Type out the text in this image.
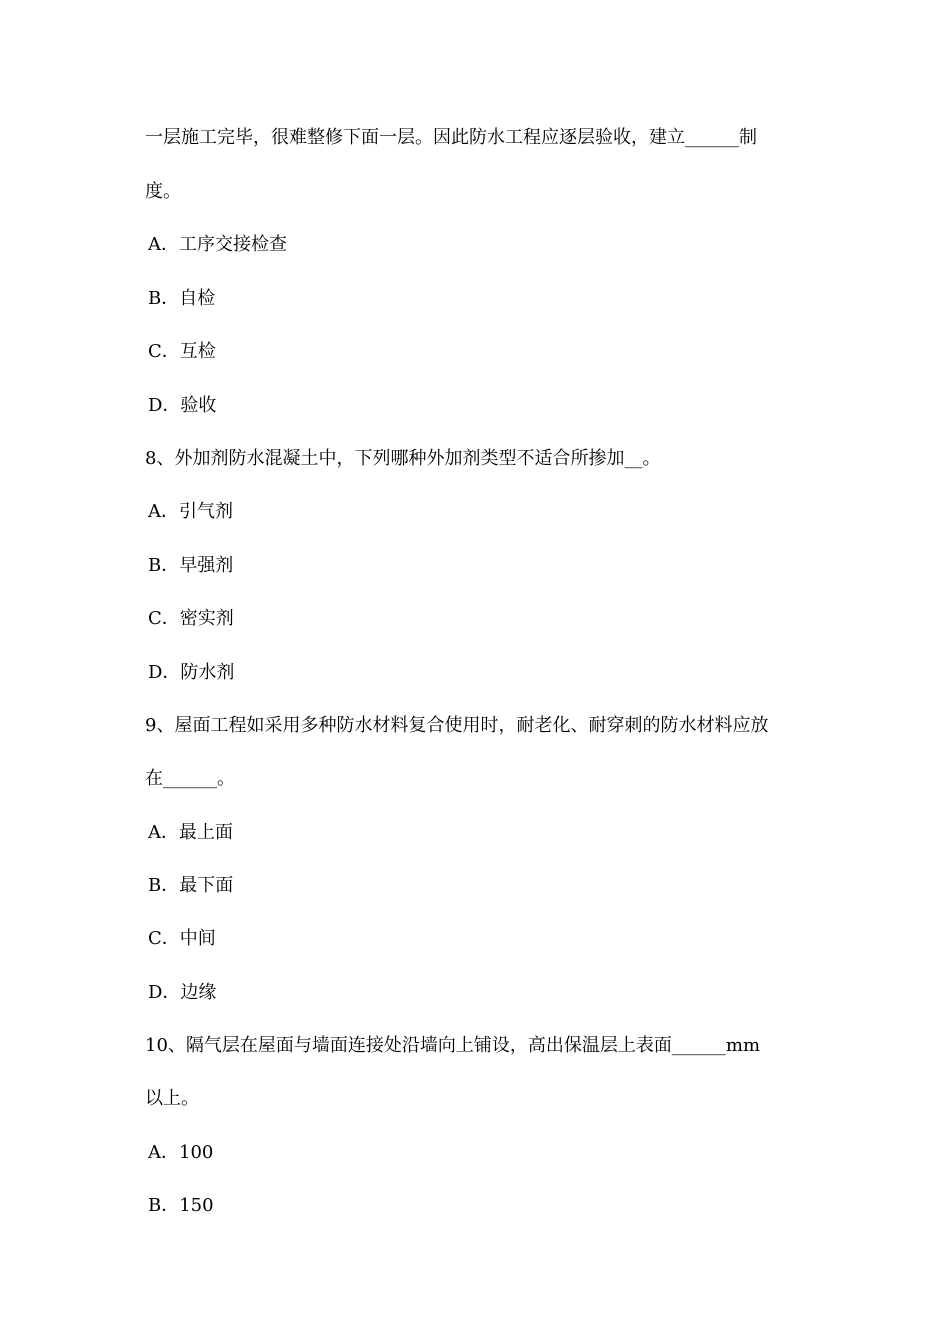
一层施工完毕，很难整修下面一层。因此防水工程应逐层验收，建立______制
度。
A．工序交接检查
B．自检
C．互检
D．验收
8、外加剂防水混凝土中，下列哪种外加剂类型不适合所掺加__。
A．引气剂
B．早强剂
C．密实剂
D．防水剂
9、屋面工程如采用多种防水材料复合使用时，耐老化、耐穿刺的防水材料应放
在______。
A．最上面
B．最下面
C．中间
D．边缘
10、隔气层在屋面与墙面连接处沿墙向上铺设，高出保温层上表面______mm
以上。
A．100
B．150
